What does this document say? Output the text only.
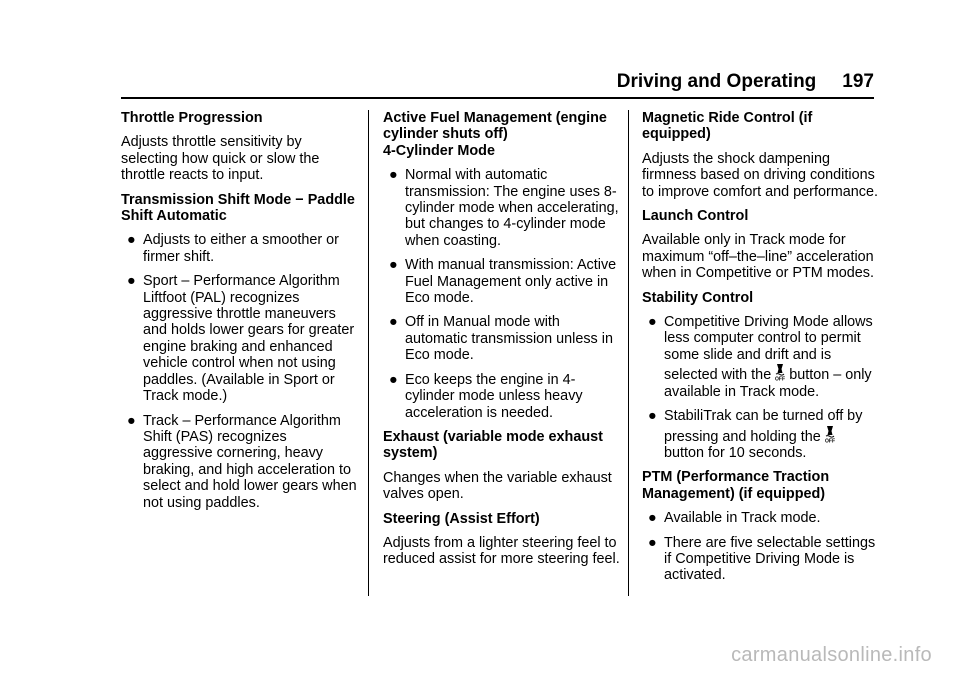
Driving and Operating 197
Throttle Progression
Adjusts throttle sensitivity by selecting how quick or slow the throttle reacts to input.
Transmission Shift Mode − Paddle Shift Automatic
● Adjusts to either a smoother or firmer shift.
● Sport – Performance Algorithm Liftfoot (PAL) recognizes aggressive throttle maneuvers and holds lower gears for greater engine braking and enhanced vehicle control when not using paddles. (Available in Sport or Track mode.)
● Track – Performance Algorithm Shift (PAS) recognizes aggressive cornering, heavy braking, and high acceleration to select and hold lower gears when not using paddles.
Active Fuel Management (engine cylinder shuts off)
4-Cylinder Mode
● Normal with automatic transmission: The engine uses 8-cylinder mode when accelerating, but changes to 4-cylinder mode when coasting.
● With manual transmission: Active Fuel Management only active in Eco mode.
● Off in Manual mode with automatic transmission unless in Eco mode.
● Eco keeps the engine in 4-cylinder mode unless heavy acceleration is needed.
Exhaust (variable mode exhaust system)
Changes when the variable exhaust valves open.
Steering (Assist Effort)
Adjusts from a lighter steering feel to reduced assist for more steering feel.
Magnetic Ride Control (if equipped)
Adjusts the shock dampening firmness based on driving conditions to improve comfort and performance.
Launch Control
Available only in Track mode for maximum “off–the–line” acceleration when in Competitive or PTM modes.
Stability Control
● Competitive Driving Mode allows less computer control to permit some slide and drift and is selected with the OFF button – only available in Track mode.
● StabiliTrak can be turned off by pressing and holding the OFF

button for 10 seconds.
PTM (Performance Traction Management) (if equipped)
● Available in Track mode.
● There are five selectable settings if Competitive Driving Mode is activated.
carmanualsonline.info
